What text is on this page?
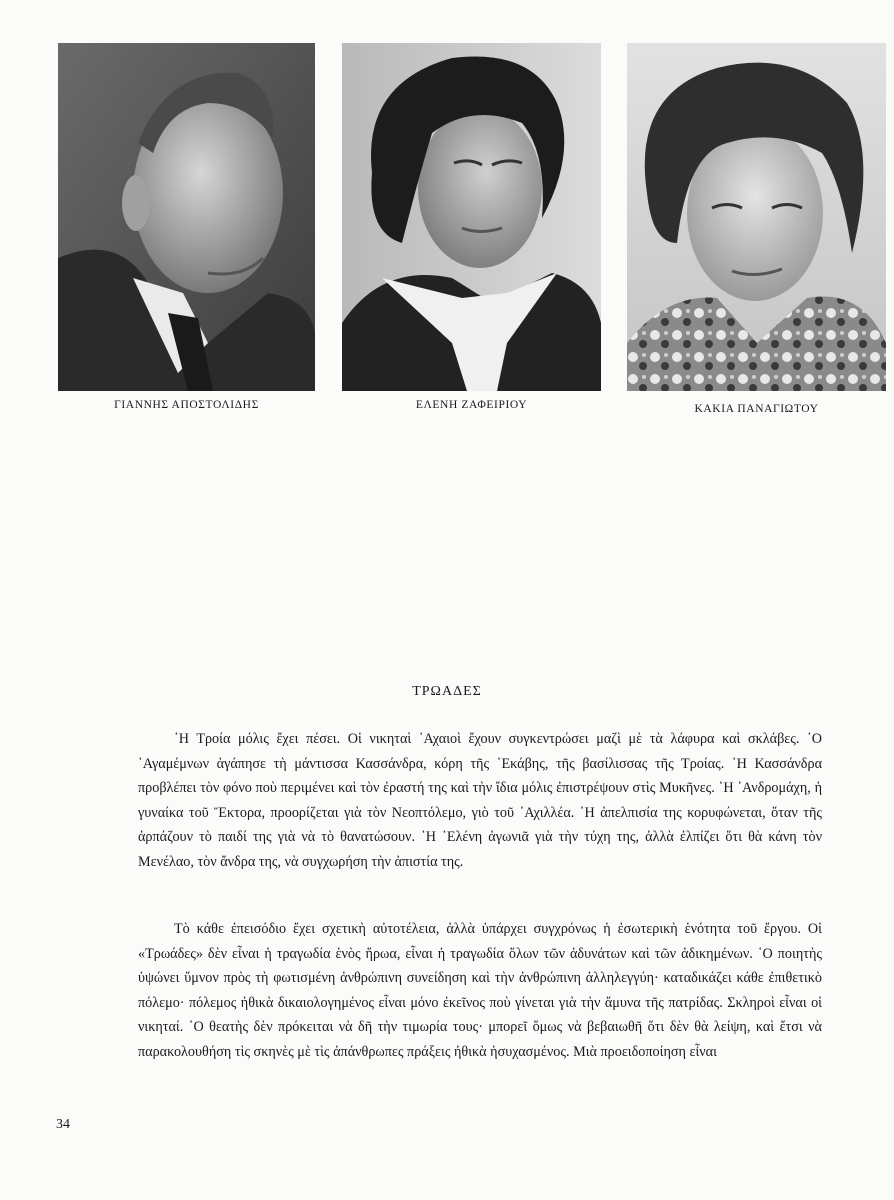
ΓΙΑΝΝΗΣ ΑΠΟΣΤΟΛΙΔΗΣ	ΕΛΕΝΗ ΖΑΦΕΙΡΙΟΥ	ΚΑΚΙΑ ΠΑΝΑΓΙΩΤΟΥ
ΤΡΩΑΔΕΣ

῾Η Τροία μόλις ἔχει πέσει. Οἱ νικηταὶ ᾿Αχαιοὶ ἔχουν συγκεντρώσει μαζὶ μὲ τὰ λάφυρα καὶ σκλάβες. ῾Ο ᾿Αγαμέμνων ἀγάπησε τὴ μάντισσα Κασσάνδρα, κόρη τῆς ῾Εκάβης, τῆς βασίλισσας τῆς Τροίας. ῾Η Κασσάνδρα προβλέπει τὸν φόνο ποὺ περιμένει καὶ τὸν ἐραστή της καὶ τὴν ἴδια μόλις ἐπιστρέψουν στὶς Μυκῆνες. ῾Η ᾿Ανδρομάχη, ἡ γυναίκα τοῦ Ἕκτορα, προορίζεται γιὰ τὸν Νεοπτόλεμο, γιὸ τοῦ ᾿Αχιλλέα. ῾Η ἀπελπισία της κορυφώνεται, ὅταν τῆς ἁρπάζουν τὸ παιδί της γιὰ νὰ τὸ θανατώσουν. ῾Η ῾Ελένη ἀγωνιᾶ γιὰ τὴν τύχη της, ἀλλὰ ἐλπίζει ὅτι θὰ κάνη τὸν Μενέλαο, τὸν ἄνδρα της, νὰ συγχωρήση τὴν ἀπιστία της.

Τὸ κάθε ἐπεισόδιο ἔχει σχετικὴ αὐτοτέλεια, ἀλλὰ ὑπάρχει συγχρόνως ἡ ἐσωτερικὴ ἑνότητα τοῦ ἔργου. Οἱ «Τρωάδες» δὲν εἶναι ἡ τραγωδία ἑνὸς ἥρωα, εἶναι ἡ τραγωδία ὅλων τῶν ἀδυνάτων καὶ τῶν ἀδικημένων. ῾Ο ποιητὴς ὑψώνει ὕμνον πρὸς τὴ φωτισμένη ἀνθρώπινη συνείδηση καὶ τὴν ἀνθρώπινη ἀλληλεγγύη· καταδικάζει κάθε ἐπιθετικὸ πόλεμο· πόλεμος ἠθικὰ δικαιολογημένος εἶναι μόνο ἐκεῖνος ποὺ γίνεται γιὰ τὴν ἄμυνα τῆς πατρίδας. Σκληροὶ εἶναι οἱ νικηταί. ῾Ο θεατὴς δὲν πρόκειται νὰ δῆ τὴν τιμωρία τους· μπορεῖ ὅμως νὰ βεβαιωθῆ ὅτι δὲν θὰ λείψη, καὶ ἔτσι νὰ παρακολουθήση τὶς σκηνὲς μὲ τὶς ἀπάνθρωπες πράξεις ἠθικὰ ἡσυχασμένος. Μιὰ προειδοποίηση εἶναι

34
